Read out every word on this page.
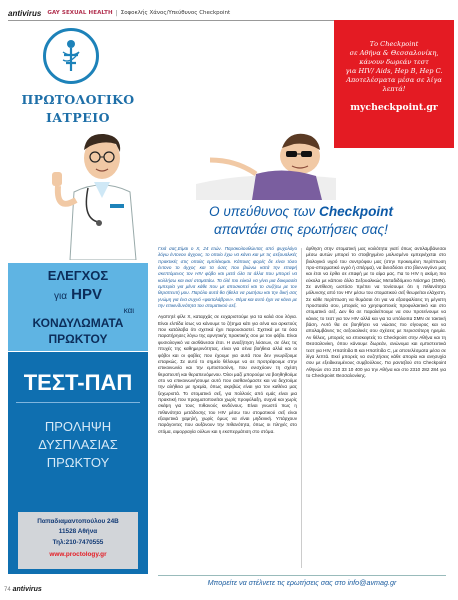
antivirus GAY SEXUAL HEALTH | Σοφοκλής Χάνος/Υπεύθυνος Checkpoint
ΠΡΩΤΟΛΟΓΙΚΟ
ΙΑΤΡΕΙΟ
ΕΛΕΓΧΟΣ
για HPV
και
ΚΟΝΔΥΛΩΜΑΤΑ
ΠΡΩΚΤΟΥ
ΤΕΣΤ-ΠΑΠ
ΠΡΟΛΗΨΗ
ΔΥΣΠΛΑΣΙΑΣ
ΠΡΩΚΤΟΥ
Παπαδιαμαντοπούλου 24Β
11528 Αθήνα
Τηλ:210-7470555
www.proctology.gr
Το Checkpoint
σε Αθήνα & Θεσσαλονίκη,
κάνουν δωρεάν τεστ
για HIV/ Aids, Hep B, Hep C.
Αποτελέσματα μέσα σε λίγα λεπτά!
mycheckpoint.gr
Ο υπεύθυνος των Checkpoint
απαντάει στις ερωτήσεις σας!
Γειά σας,Είμαι ο Χ, 24 ετών. Παρακολουθώντας από ψυχολόγο λόγω έντονου άγχους, το οποίο έχω να κάνει και με τις σεξουαλικές πρακτικές στις οποίες εμπλέκομαι. Κάποιες φορές δε είναι τόσο έντονο το άγχος και τα όσες που βιώνω κατά την επαφή σκεπτόμενος τον HIV φόβο και μετά όλα τα άλλα που μπορεί να κολλήσω και εκεί σταματάω. Τα όλέ πιο εύκολ να γίνει μια δοκιμασία εμπειρία για μένα κάθε που με αποσκοπεί και το συζήτω με τον θεραπευτή μου. Παρόλο αυτά θα ήθελα να ρωτήσω και την δική σας γνώμη για ένα συχνό «φοιτολάβρυν». Θέμα και αυτό έχει να κάνει με την επικινδυνότητα του στοματικού σεξ.
Αγαπητέ φίλε Χ, καταρχάς σε ευχαριστούμε για τα καλά σου λόγια. Είναι ελπίδα ίσως να κάνουμε το ζήτημα κάτι για σένα και αρκετούς που κατάλαβα ότι σχετικά έχει παρουσιαστεί. Σχετικά με τα όσα παρατήρησες λόγω της αρνητικής πρακτικής σου με τον φόβο. Είναι φυσιολογικό να αισθάνεσαι έτσι. Η αναζήτηση λύσεων, σε όλες τις πτυχές της καθημερινότητας, είναι για σένα βοήθεια αλλά και οι φόβοι και οι φοβίες που έχουμε για αυτά που δεν γνωρίζουμε επαρκώς. Σε αυτό το σημείο θέλουμε να σε προτρέψουμε στην επικοινωνία και την εμπιστοσύνη, που ενισχύουν τη σχέση θεραπευτή και θεραπευόμενου. Όλοι μαζί μπορούμε να βοηθηθούμε στο να επικοινωνήσουμε αυτό που αισθανόμαστε και να δεχτούμε την αλήθεια με ηρεμία, όπως ακριβώς είναι για τον καθένα μας ξεχωριστά. Το στοματικό σεξ, για πολλούς από εμάς είναι μια πρακτική που πραγματοποιείται χωρίς προφύλαξη, συχνά και χωρίς σκέψη για τους πιθανούς κινδύνους. Είναι γνωστό πως η πιθανότητα μετάδοσης του HIV μέσω του στοματικού σεξ είναι εξαιρετικά χαμηλή, χωρίς όμως να είναι μηδενική. Υπάρχουν παράγοντες που αυξάνουν την πιθανότητα, όπως οι πληγές στο στόμα, αιμορραγία ούλων και η εκσπερμάτιση στο στόμα.
άρθηση στην στοματική μας κοιλότητα γιατί όπως αντιλαμβάνεσαι μέσω αυτών μπορεί το στοιβηγμένο μολυσμένο εμπεριέχεται στο βιολογικό υγρό του συντρόφου μας (στην προκειμένη περίπτωση προ-σπερματικό υγρό ή σπέρμα), να διεισδύσει στο βλεννογόνο μας και έτσι να έρθει σε επαφή με το αίμα μας. Για το HIV η ακόμη πιο εύκολα με κάποιο άλλο Σεξουαλικώς Μεταδιδόμενο Νόσημα (ΣΜΝ). Σε αντίθεση ωστόσο πρέπει να τονίσουμε ότι η πιθανότητα μόλυνσης από τον HIV μέσω του στοματικού σεξ θεωρείται ελάχιστη. Σε κάθε περίπτωση να θυμάσαι ότι για να εξασφαλίσεις τη μέγιστη προστασία σου, μπορείς να χρησιμοποιείς προφυλακτικό και στο στοματικό σεξ. Δεν θα σε παραλείπουμε να σου προτείνουμε να κάνεις το τεστ για τον HIV αλλά και για τα υπόλοιπα ΣΜΝ σε τακτική βάση. Αυτό θα σε βοηθήσει να νιώσεις πιο σίγουρος και να απολαμβάνεις τις σεξουαλικές σου σχέσεις με περισσότερη ηρεμία. Αν θέλεις, μπορείς να επισκεφτείς το Checkpoint στην Αθήνα και τη Θεσσαλονίκη, όπου κάνουμε δωρεάν, ανώνυμα και εμπιστευτικά τεστ για HIV, Ηπατίτιδα B και Ηπατίτιδα C, με αποτελέσματα μέσα σε λίγα λεπτά. Εκεί μπορείς να συζητήσεις κάθε απορία και ανησυχία σου με εξειδικευμένους συμβούλους. Για ραντεβού στο Checkpoint Αθηνών στο 210 33 10 400 για την Αθήνα και στο 2310 282 284 για το Checkpoint Θεσσαλονίκης.
Μπορείτε να στέλνετε τις ερωτήσεις σας στο info@avmag.gr
74 antivirus
